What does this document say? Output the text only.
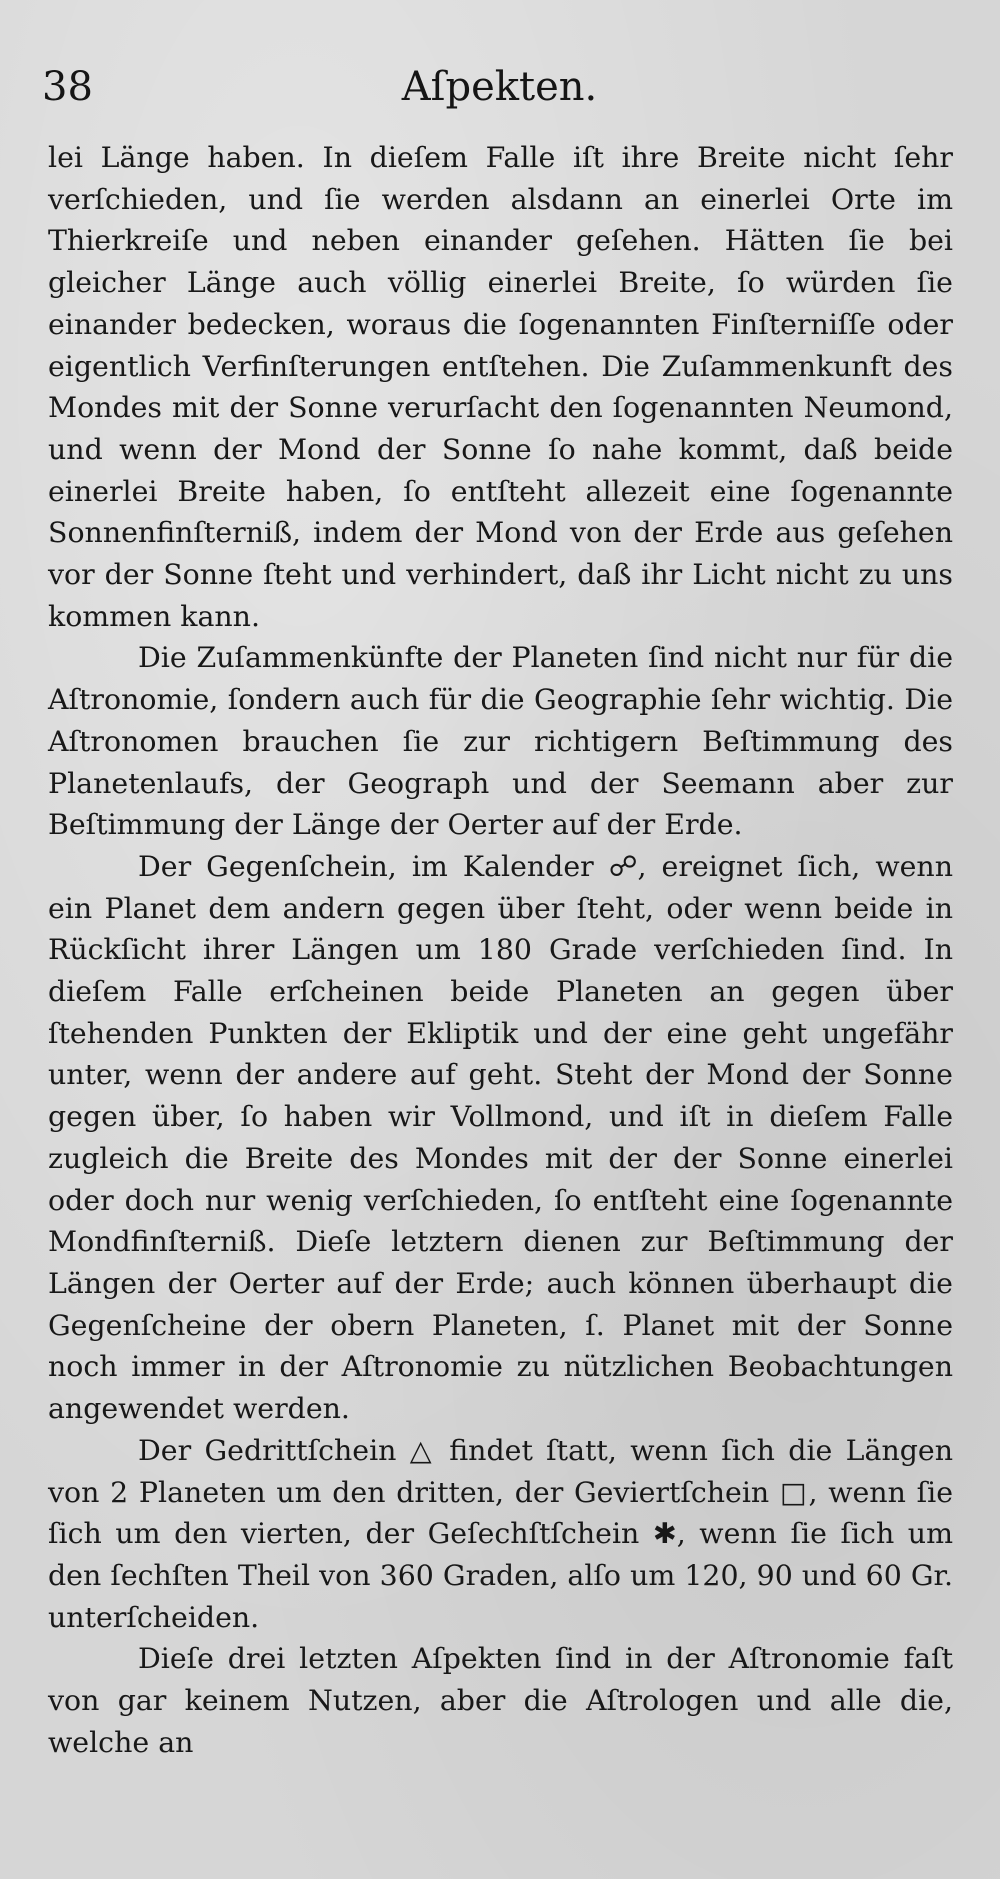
38	Aſpekten.

lei Länge haben. In dieſem Falle iſt ihre Breite nicht ſehr verſchieden, und ſie werden alsdann an einerlei Orte im Thierkreiſe und neben einander geſehen. Hätten ſie bei gleicher Länge auch völlig einerlei Breite, ſo würden ſie einander bedecken, woraus die ſogenannten Finſterniſſe oder eigentlich Verfinſterungen entſtehen. Die Zuſammenkunft des Mondes mit der Sonne verurſacht den ſogenannten Neumond, und wenn der Mond der Sonne ſo nahe kommt, daß beide einerlei Breite haben, ſo entſteht allezeit eine ſogenannte Sonnenfinſterniß, indem der Mond von der Erde aus geſehen vor der Sonne ſteht und verhindert, daß ihr Licht nicht zu uns kommen kann.

Die Zuſammenkünfte der Planeten ſind nicht nur für die Aſtronomie, ſondern auch für die Geographie ſehr wichtig. Die Aſtronomen brauchen ſie zur richtigern Beſtimmung des Planetenlaufs, der Geograph und der Seemann aber zur Beſtimmung der Länge der Oerter auf der Erde.

Der Gegenſchein, im Kalender ☍, ereignet ſich, wenn ein Planet dem andern gegen über ſteht, oder wenn beide in Rückſicht ihrer Längen um 180 Grade verſchieden ſind. In dieſem Falle erſcheinen beide Planeten an gegen über ſtehenden Punkten der Ekliptik und der eine geht ungefähr unter, wenn der andere auf geht. Steht der Mond der Sonne gegen über, ſo haben wir Vollmond, und iſt in dieſem Falle zugleich die Breite des Mondes mit der der Sonne einerlei oder doch nur wenig verſchieden, ſo entſteht eine ſogenannte Mondfinſterniß. Dieſe letztern dienen zur Beſtimmung der Längen der Oerter auf der Erde; auch können überhaupt die Gegenſcheine der obern Planeten, ſ. Planet mit der Sonne noch immer in der Aſtronomie zu nützlichen Beobachtungen angewendet werden.

Der Gedrittſchein △ findet ſtatt, wenn ſich die Längen von 2 Planeten um den dritten, der Geviertſchein □, wenn ſie ſich um den vierten, der Geſechſtſchein ✱, wenn ſie ſich um den ſechſten Theil von 360 Graden, alſo um 120, 90 und 60 Gr. unterſcheiden.

Dieſe drei letzten Aſpekten ſind in der Aſtronomie faſt von gar keinem Nutzen, aber die Aſtrologen und alle die, welche an
